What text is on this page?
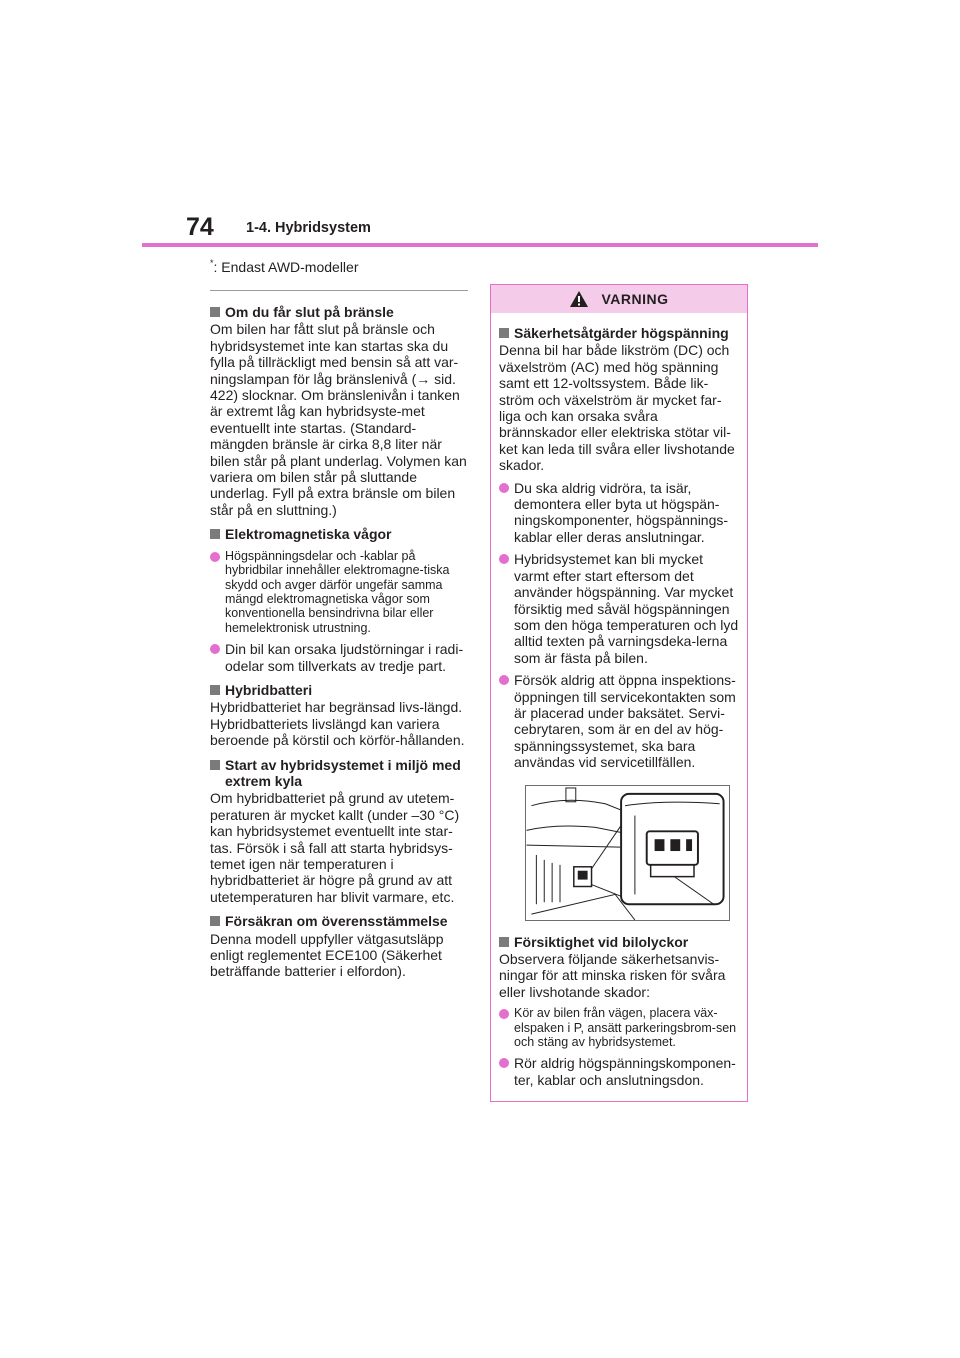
74 1-4. Hybridsystem
*: Endast AWD-modeller

Om du får slut på bränsle

Om bilen har fått slut på bränsle och hybridsystemet inte kan startas ska du fylla på tillräckligt med bensin så att var-ningslampan för låg bränslenivå (→ sid. 422) slocknar. Om bränslenivån i tanken är extremt låg kan hybridsyste-met eventuellt inte startas. (Standard-mängden bränsle är cirka 8,8 liter när bilen står på plant underlag. Volymen kan variera om bilen står på sluttande underlag. Fyll på extra bränsle om bilen står på en sluttning.)

Elektromagnetiska vågor

Högspänningsdelar och -kablar på hybridbilar innehåller elektromagne-tiska skydd och avger därför ungefär samma mängd elektromagnetiska vågor som konventionella bensindrivna bilar eller hemelektronisk utrustning.

Din bil kan orsaka ljudstörningar i radi-odelar som tillverkats av tredje part.

Hybridbatteri

Hybridbatteriet har begränsad livs-längd. Hybridbatteriets livslängd kan variera beroende på körstil och körför-hållanden.

Start av hybridsystemet i miljö med extrem kyla

Om hybridbatteriet på grund av utetem-peraturen är mycket kallt (under –30 °C) kan hybridsystemet eventuellt inte star-tas. Försök i så fall att starta hybridsys-temet igen när temperaturen i hybridbatteriet är högre på grund av att utetemperaturen har blivit varmare, etc.

Försäkran om överensstämmelse

Denna modell uppfyller vätgasutsläpp enligt reglementet ECE100 (Säkerhet beträffande batterier i elfordon).

VARNING

Säkerhetsåtgärder högspänning

Denna bil har både likström (DC) och växelström (AC) med hög spänning samt ett 12-voltssystem. Både lik-ström och växelström är mycket far-liga och kan orsaka svåra brännskador eller elektriska stötar vil-ket kan leda till svåra eller livshotande skador.

Du ska aldrig vidröra, ta isär, demontera eller byta ut högspän-ningskomponenter, högspännings-kablar eller deras anslutningar.

Hybridsystemet kan bli mycket varmt efter start eftersom det använder högspänning. Var mycket försiktig med såväl högspänningen som den höga temperaturen och lyd alltid texten på varningsdeka-lerna som är fästa på bilen.

Försök aldrig att öppna inspektions-öppningen till servicekontakten som är placerad under baksätet. Servi-cebrytaren, som är en del av hög-spänningssystemet, ska bara användas vid servicetillfällen.

Försiktighet vid bilolyckor

Observera följande säkerhetsanvis-ningar för att minska risken för svåra eller livshotande skador:

Kör av bilen från vägen, placera väx-elspaken i P, ansätt parkeringsbrom-sen och stäng av hybridsystemet.

Rör aldrig högspänningskomponen-ter, kablar och anslutningsdon.
